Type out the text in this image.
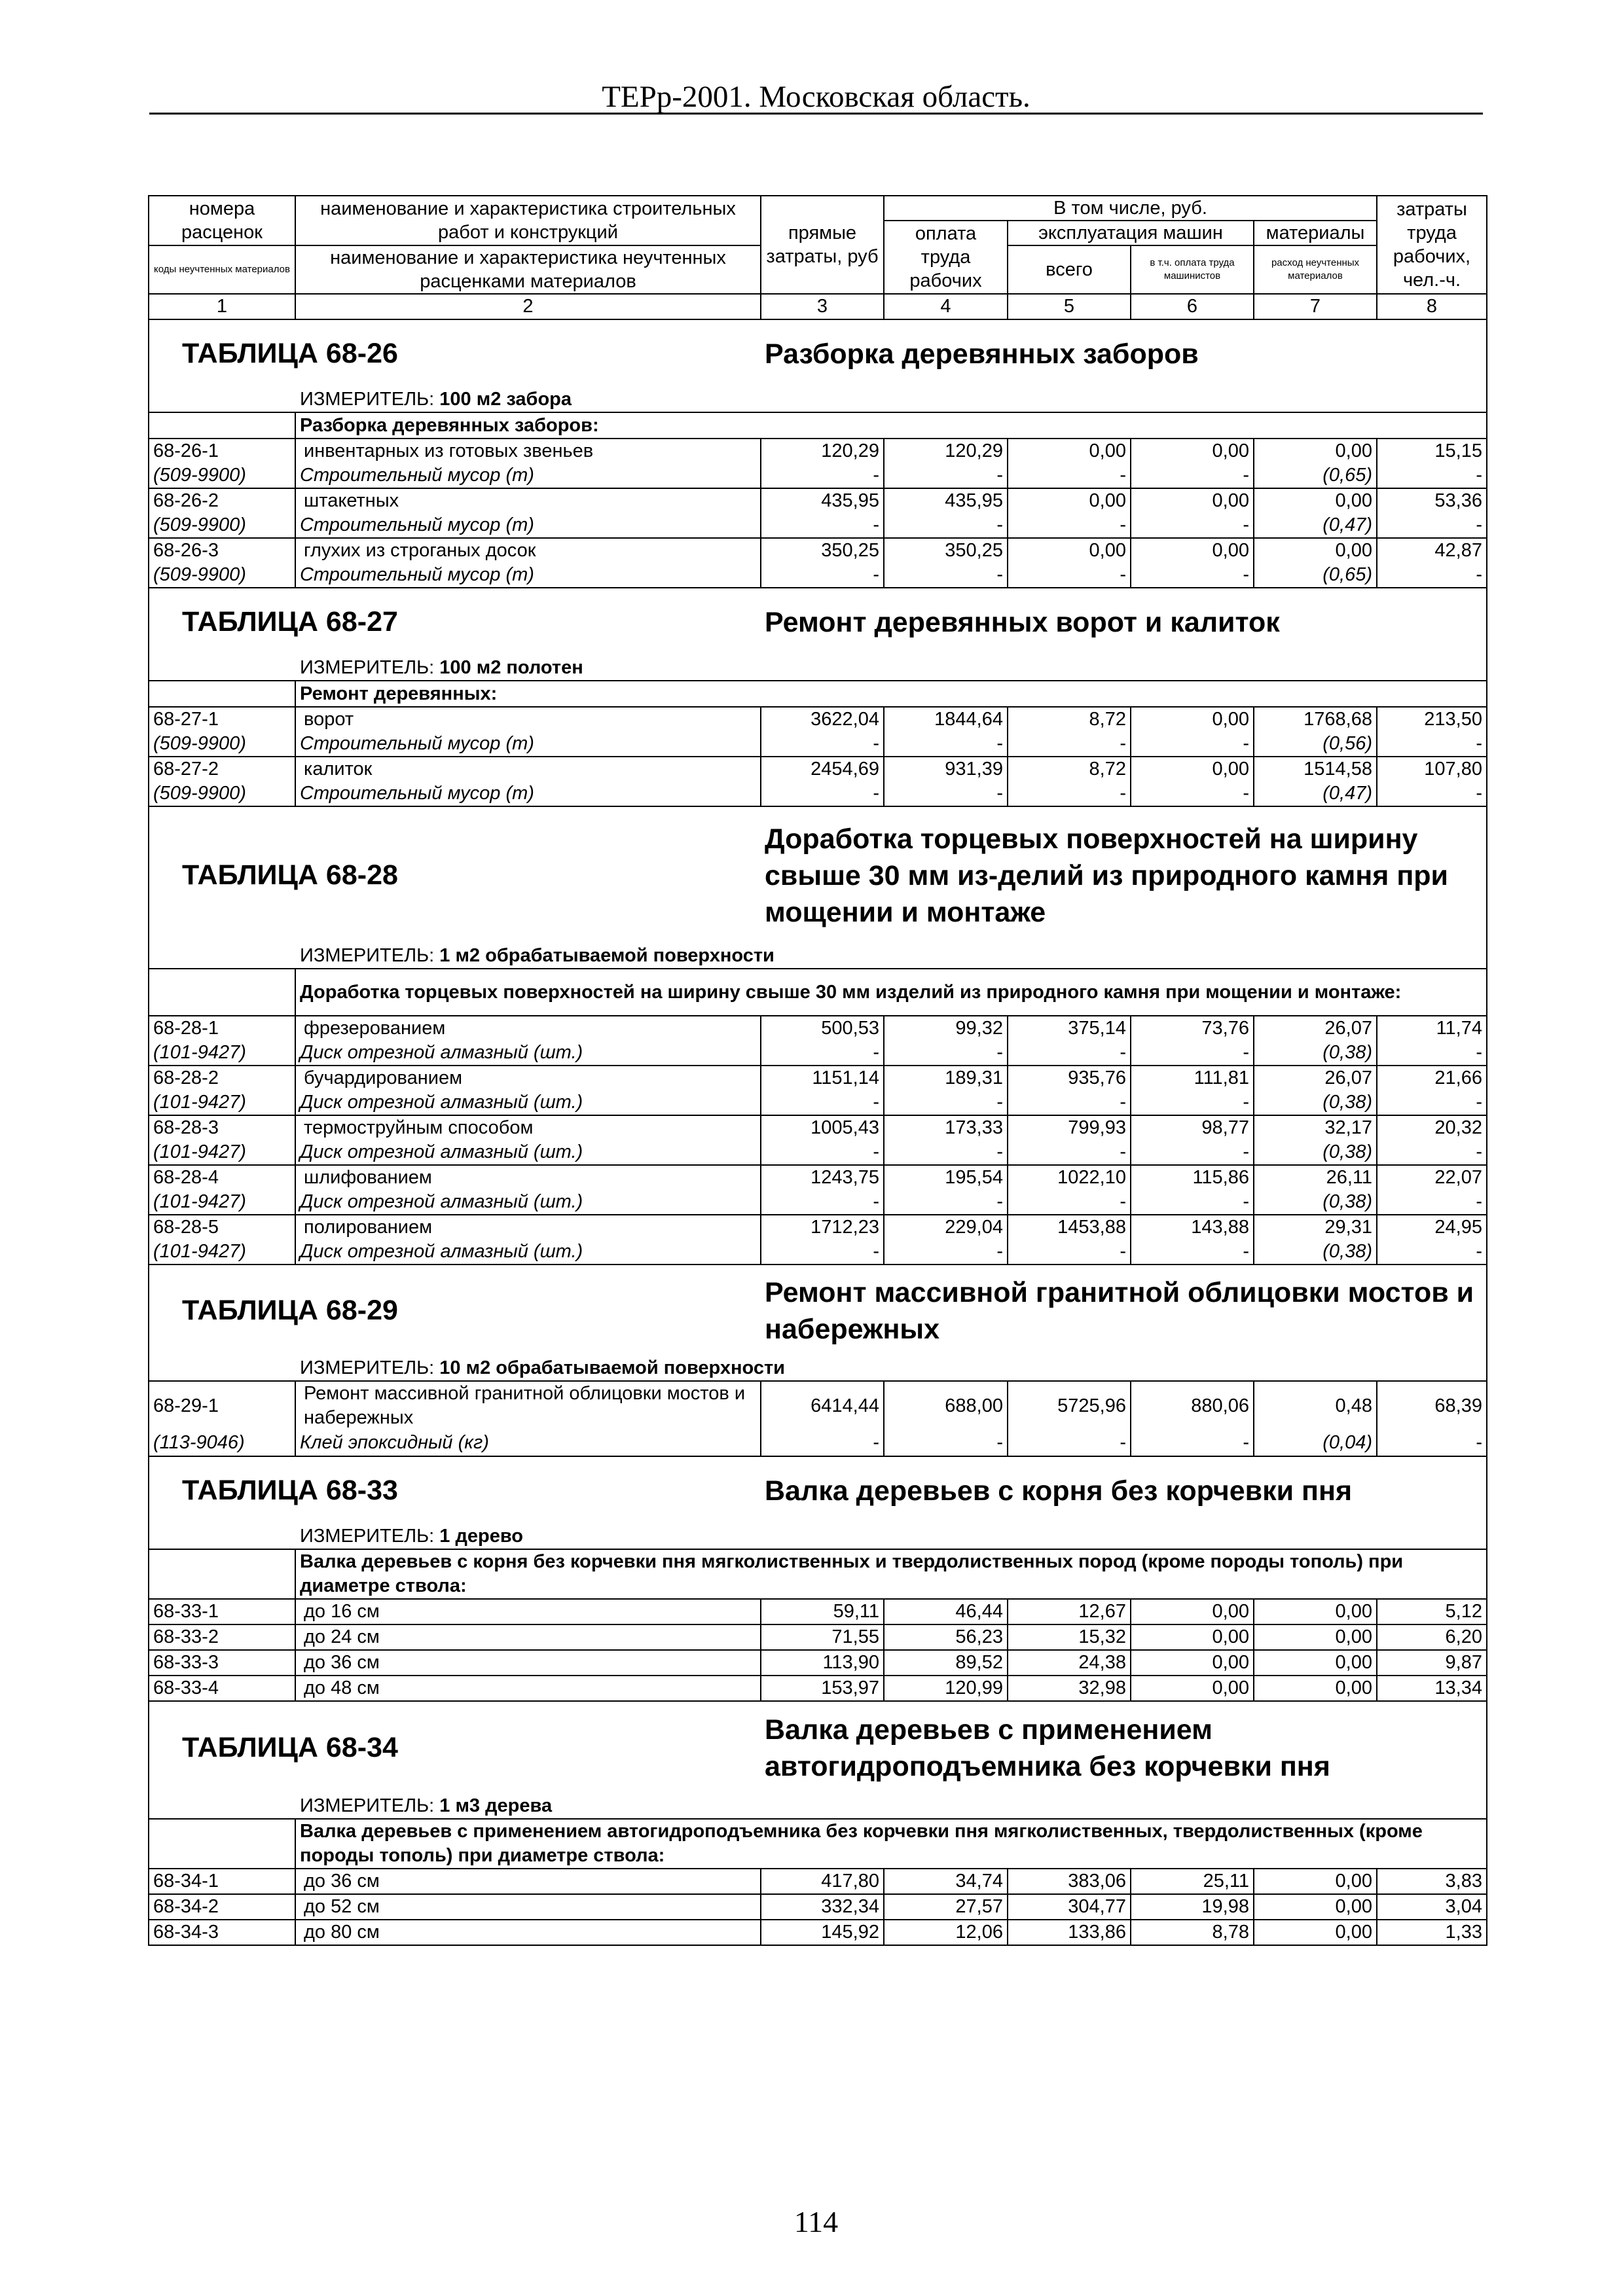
ТЕРр-2001. Московская область.
номера расценок	наименование и характеристика строительных работ и конструкций	прямые затраты, руб	В том числе, руб.				затраты труда рабочих, чел.-ч.
			оплата труда рабочих	эксплуатация машин		материалы	
коды неучтенных материалов	наименование и характеристика неучтенных расценками материалов			всего	в т.ч. оплата труда машинистов	расход неучтенных материалов	

1	2	3	4	5	6	7	8
ТАБЛИЦА 68-26		Разборка деревянных заборов					
ИЗМЕРИТЕЛЬ: 100 м2 забора							
	Разборка деревянных заборов:						
68-26-1	инвентарных из готовых звеньев	120,29	120,29	0,00	0,00	0,00	15,15
(509-9900)	Строительный мусор (т)	-	-	-	-	(0,65)	-
68-26-2	штакетных	435,95	435,95	0,00	0,00	0,00	53,36
(509-9900)	Строительный мусор (т)	-	-	-	-	(0,47)	-
68-26-3	глухих из строганых досок	350,25	350,25	0,00	0,00	0,00	42,87
(509-9900)	Строительный мусор (т)	-	-	-	-	(0,65)	-
ТАБЛИЦА 68-27		Ремонт деревянных ворот и калиток					
ИЗМЕРИТЕЛЬ: 100 м2 полотен							
	Ремонт деревянных:						
68-27-1	ворот	3622,04	1844,64	8,72	0,00	1768,68	213,50
(509-9900)	Строительный мусор (т)	-	-	-	-	(0,56)	-
68-27-2	калиток	2454,69	931,39	8,72	0,00	1514,58	107,80
(509-9900)	Строительный мусор (т)	-	-	-	-	(0,47)	-
ТАБЛИЦА 68-28		Доработка торцевых поверхностей на ширину свыше 30 мм из-делий из природного камня при мощении и монтаже					
ИЗМЕРИТЕЛЬ: 1 м2 обрабатываемой поверхности							
	Доработка торцевых поверхностей на ширину свыше 30 мм изделий из природного камня при мощении и монтаже:						
68-28-1	фрезерованием	500,53	99,32	375,14	73,76	26,07	11,74
(101-9427)	Диск отрезной алмазный (шт.)	-	-	-	-	(0,38)	-
68-28-2	бучардированием	1151,14	189,31	935,76	111,81	26,07	21,66
(101-9427)	Диск отрезной алмазный (шт.)	-	-	-	-	(0,38)	-
68-28-3	термоструйным способом	1005,43	173,33	799,93	98,77	32,17	20,32
(101-9427)	Диск отрезной алмазный (шт.)	-	-	-	-	(0,38)	-
68-28-4	шлифованием	1243,75	195,54	1022,10	115,86	26,11	22,07
(101-9427)	Диск отрезной алмазный (шт.)	-	-	-	-	(0,38)	-
68-28-5	полированием	1712,23	229,04	1453,88	143,88	29,31	24,95
(101-9427)	Диск отрезной алмазный (шт.)	-	-	-	-	(0,38)	-
ТАБЛИЦА 68-29		Ремонт массивной гранитной облицовки мостов и набережных					
ИЗМЕРИТЕЛЬ: 10 м2 обрабатываемой поверхности							
68-29-1	Ремонт массивной гранитной облицовки мостов и набережных	6414,44	688,00	5725,96	880,06	0,48	68,39
(113-9046)	Клей эпоксидный (кг)	-	-	-	-	(0,04)	-
ТАБЛИЦА 68-33		Валка деревьев с корня без корчевки пня					
ИЗМЕРИТЕЛЬ: 1 дерево							
	Валка деревьев с корня без корчевки пня мягколиственных и твердолиственных пород (кроме породы тополь) при диаметре ствола:						
68-33-1	до 16 см	59,11	46,44	12,67	0,00	0,00	5,12
68-33-2	до 24 см	71,55	56,23	15,32	0,00	0,00	6,20
68-33-3	до 36 см	113,90	89,52	24,38	0,00	0,00	9,87
68-33-4	до 48 см	153,97	120,99	32,98	0,00	0,00	13,34
ТАБЛИЦА 68-34		Валка деревьев с применением автогидроподъемника без корчевки пня					
ИЗМЕРИТЕЛЬ: 1 м3 дерева							
	Валка деревьев с применением автогидроподъемника без корчевки пня мягколиственных, твердолиственных (кроме породы тополь) при диаметре ствола:						
68-34-1	до 36 см	417,80	34,74	383,06	25,11	0,00	3,83
68-34-2	до 52 см	332,34	27,57	304,77	19,98	0,00	3,04
68-34-3	до 80 см	145,92	12,06	133,86	8,78	0,00	1,33
114
